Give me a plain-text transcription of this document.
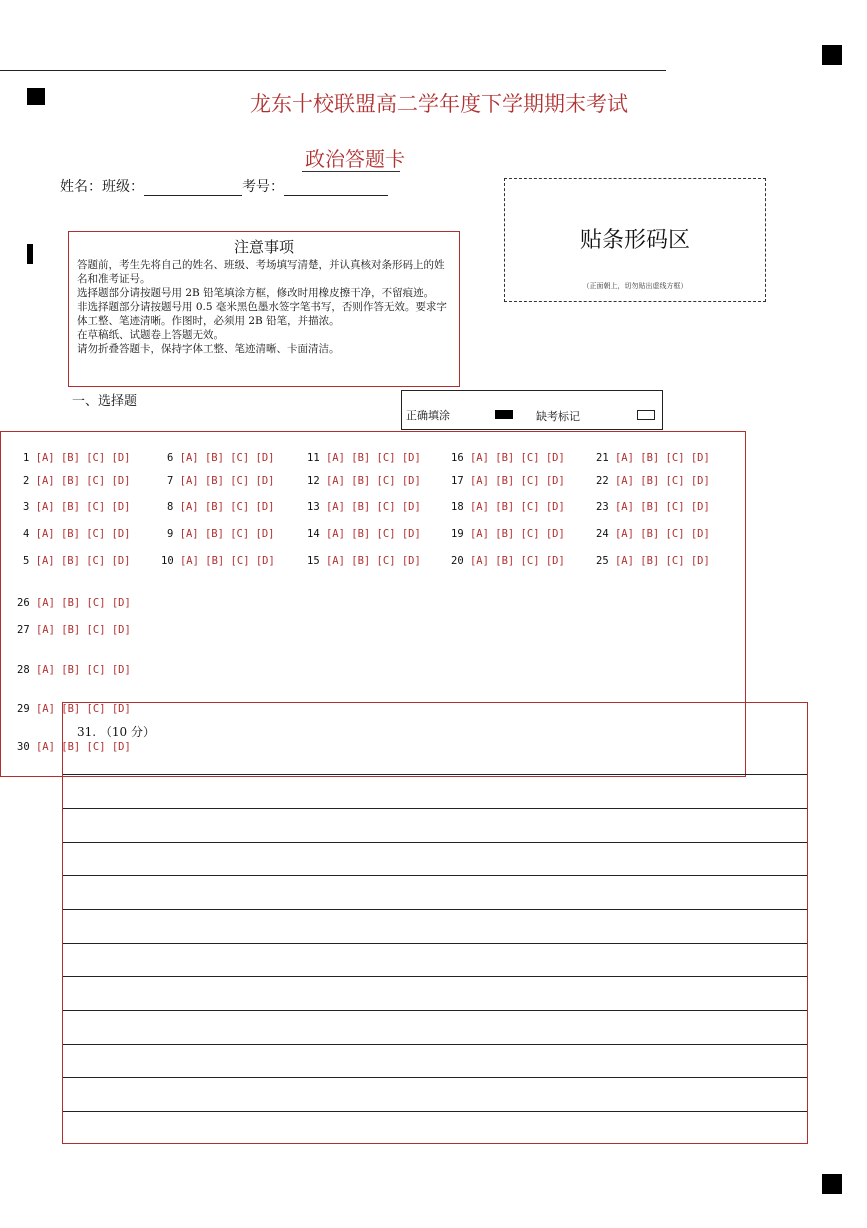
龙东十校联盟高二学年度下学期期末考试
政治答题卡
姓名：班级：	考号：
注意事项
答题前，考生先将自己的姓名、班级、考场填写清楚，并认真核对条形码上的姓名和准考证号。
选择题部分请按题号用 2B 铅笔填涂方框，修改时用橡皮擦干净，不留痕迹。
非选择题部分请按题号用 0.5 毫米黑色墨水签字笔书写，否则作答无效。要求字体工整、笔迹清晰。作图时，必须用 2B 铅笔，并描浓。
在草稿纸、试题卷上答题无效。
请勿折叠答题卡，保持字体工整、笔迹清晰、卡面清洁。
贴条形码区
（正面朝上，切勿贴出虚线方框）
一、选择题
正确填涂	缺考标记
1 [A] [B] [C] [D]
2 [A] [B] [C] [D]
3 [A] [B] [C] [D]
4 [A] [B] [C] [D]
5 [A] [B] [C] [D]
6 [A] [B] [C] [D]
7 [A] [B] [C] [D]
8 [A] [B] [C] [D]
9 [A] [B] [C] [D]
10 [A] [B] [C] [D]
11 [A] [B] [C] [D]
12 [A] [B] [C] [D]
13 [A] [B] [C] [D]
14 [A] [B] [C] [D]
15 [A] [B] [C] [D]
16 [A] [B] [C] [D]
17 [A] [B] [C] [D]
18 [A] [B] [C] [D]
19 [A] [B] [C] [D]
20 [A] [B] [C] [D]
21 [A] [B] [C] [D]
22 [A] [B] [C] [D]
23 [A] [B] [C] [D]
24 [A] [B] [C] [D]
25 [A] [B] [C] [D]
26 [A] [B] [C] [D]
27 [A] [B] [C] [D]
28 [A] [B] [C] [D]
29 [A] [B] [C] [D]
30 [A] [B] [C] [D]
31. （10 分）
